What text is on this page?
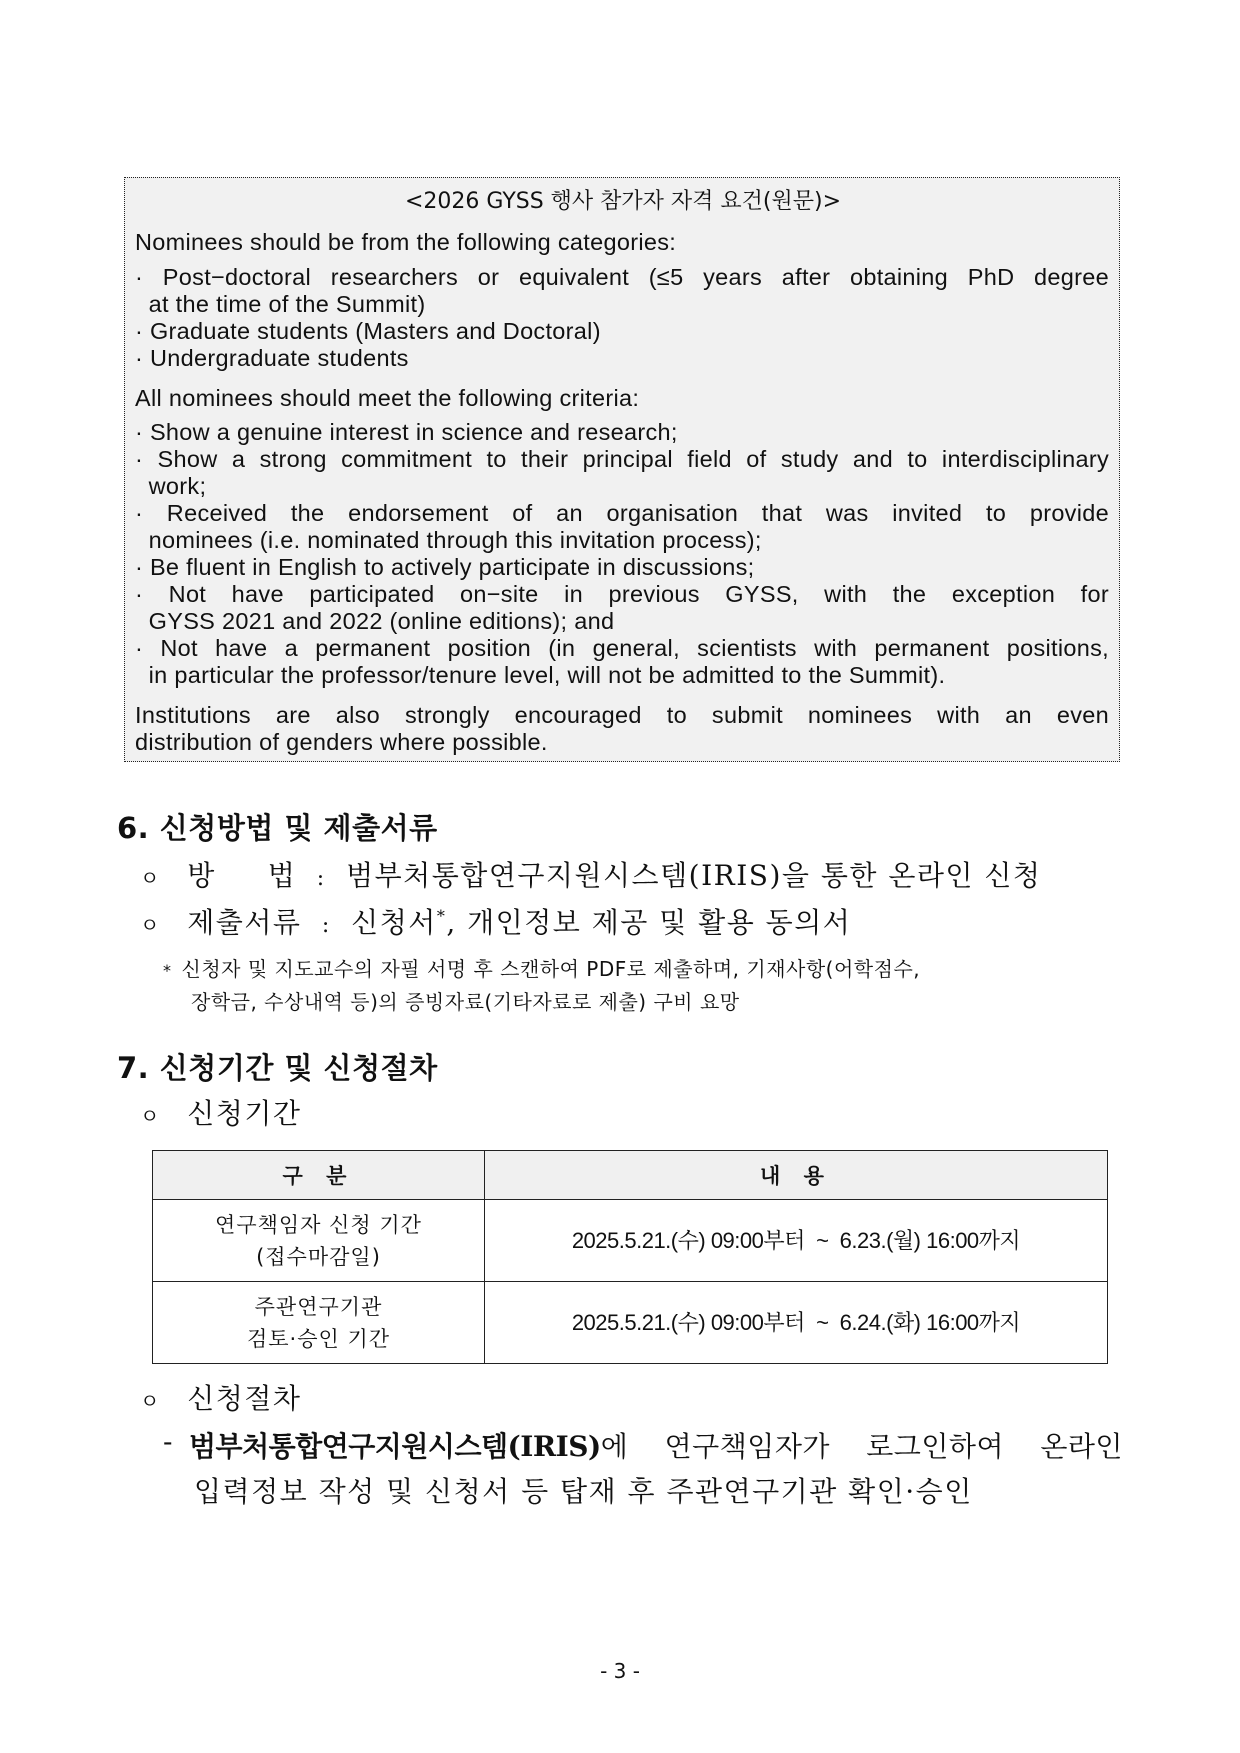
<2026 GYSS 행사 참가자 자격 요건(원문)>
Nominees should be from the following categories:
· Post−doctoral researchers or equivalent (≤5 years after obtaining PhD degree
at the time of the Summit)
· Graduate students (Masters and Doctoral)
· Undergraduate students
All nominees should meet the following criteria:
· Show a genuine interest in science and research;
· Show a strong commitment to their principal field of study and to interdisciplinary
work;
· Received the endorsement of an organisation that was invited to provide
nominees (i.e. nominated through this invitation process);
· Be fluent in English to actively participate in discussions;
· Not have participated on−site in previous GYSS, with the exception for
GYSS 2021 and 2022 (online editions); and
· Not have a permanent position (in general, scientists with permanent positions,
in particular the professor/tenure level, will not be admitted to the Summit).
Institutions are also strongly encouraged to submit nominees with an even
distribution of genders where possible.
6. 신청방법 및 제출서류
ㅇ 방     법 : 범부처통합연구지원시스템(IRIS)을 통한 온라인 신청
ㅇ 제출서류 : 신청서*, 개인정보 제공 및 활용 동의서
* 신청자 및 지도교수의 자필 서명 후 스캔하여 PDF로 제출하며, 기재사항(어학점수,
장학금, 수상내역 등)의 증빙자료(기타자료로 제출) 구비 요망
7. 신청기간 및 신청절차
ㅇ 신청기간
구 분	내 용

연구책임자 신청 기간
(접수마감일)	2025.5.21.(수) 09:00부터  ~  6.23.(월) 16:00까지

주관연구기관
검토·승인 기간	2025.5.21.(수) 09:00부터  ~  6.24.(화) 16:00까지
ㅇ 신청절차
- 범부처통합연구지원시스템(IRIS) 에 연구책임자가 로그인하여 온라인
입력정보 작성 및 신청서 등 탑재 후 주관연구기관 확인·승인
- 3 -
